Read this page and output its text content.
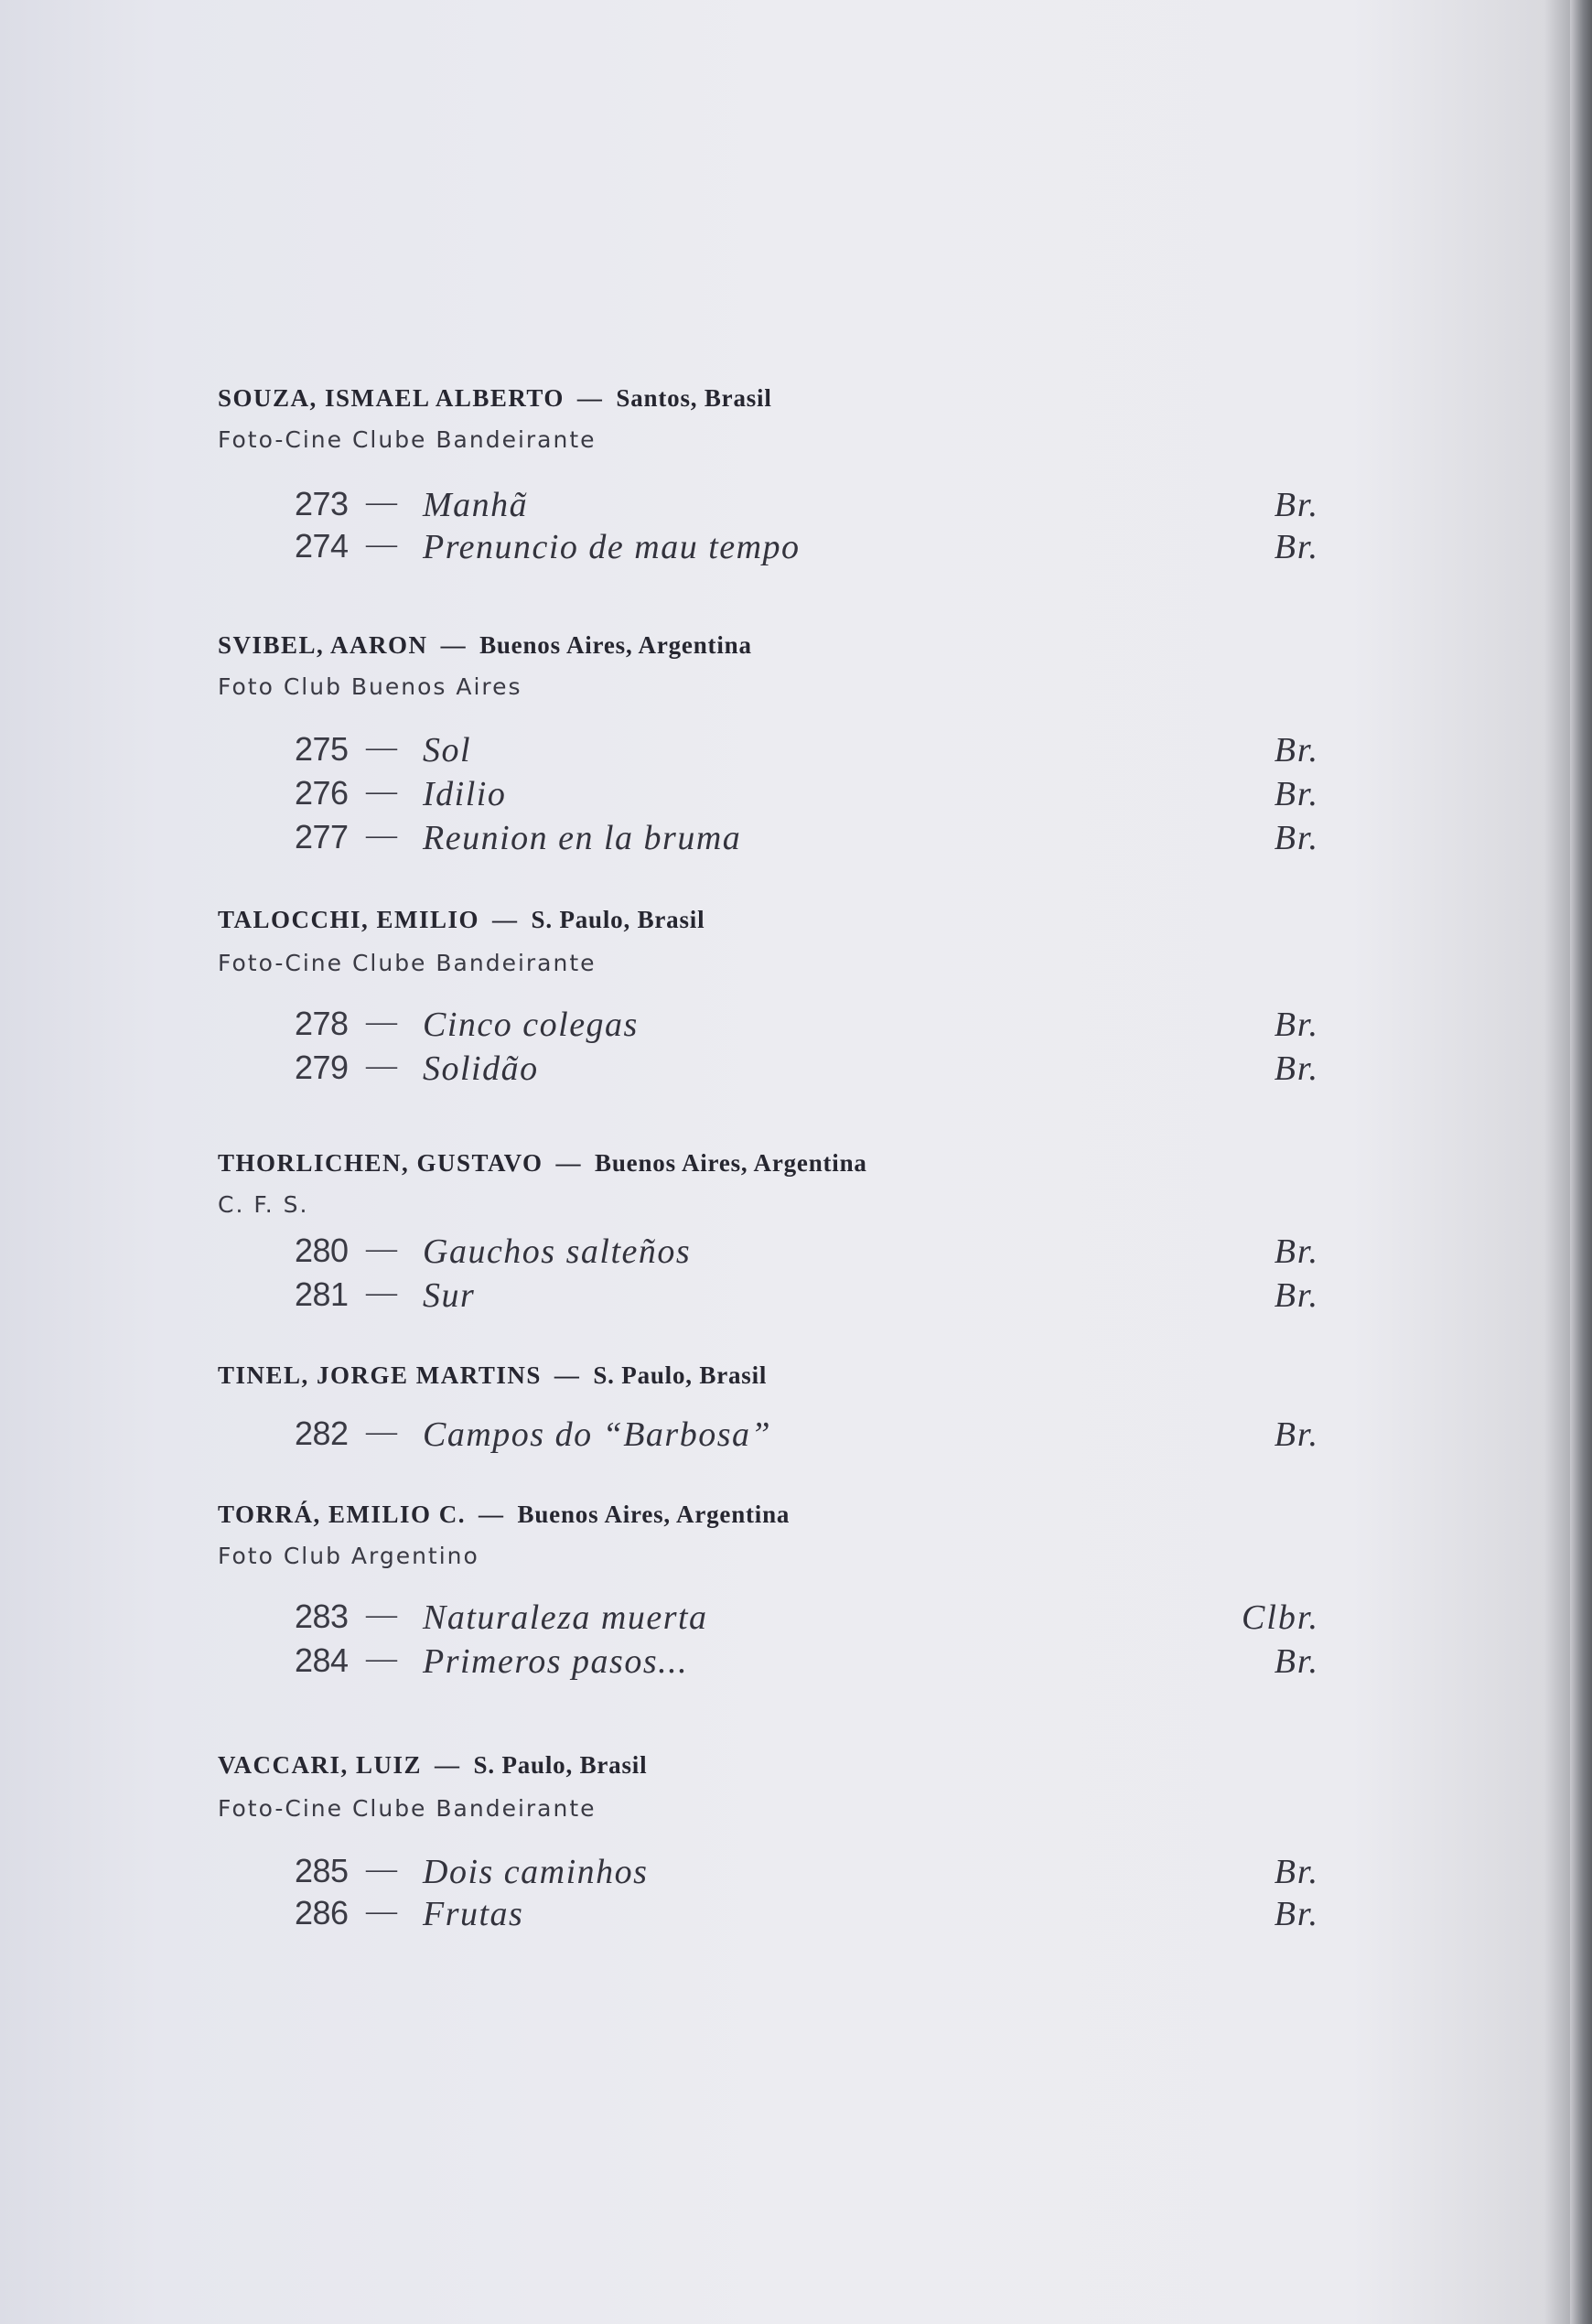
SOUZA, ISMAEL ALBERTO — Santos, Brasil

Foto-Cine Clube Bandeirante

273 — Manhã	Br.
274 — Prenuncio de mau tempo	Br.

SVIBEL, AARON — Buenos Aires, Argentina

Foto Club Buenos Aires

275 — Sol	Br.
276 — Idilio	Br.
277 — Reunion en la bruma	Br.

TALOCCHI, EMILIO — S. Paulo, Brasil

Foto-Cine Clube Bandeirante

278 — Cinco colegas	Br.
279 — Solidão	Br.

THORLICHEN, GUSTAVO — Buenos Aires, Argentina

C. F. S.

280 — Gauchos salteños	Br.
281 — Sur	Br.

TINEL, JORGE MARTINS — S. Paulo, Brasil

282 — Campos do “Barbosa”	Br.

TORRÁ, EMILIO C. — Buenos Aires, Argentina

Foto Club Argentino

283 — Naturaleza muerta	Clbr.
284 — Primeros pasos...	Br.

VACCARI, LUIZ — S. Paulo, Brasil

Foto-Cine Clube Bandeirante

285 — Dois caminhos	Br.
286 — Frutas	Br.
